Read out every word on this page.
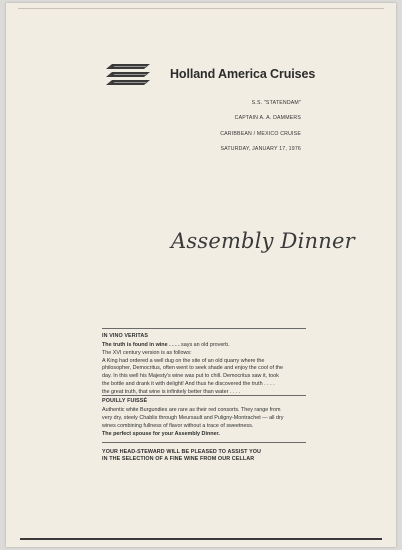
Holland America Cruises
S.S. "STATENDAM"
CAPTAIN A. A. DAMMERS
CARIBBEAN / MEXICO CRUISE
SATURDAY, JANUARY 17, 1976
Assembly Dinner
IN VINO VERITAS

The truth is found in wine . . . . says an old proverb.

The XVI century version is as follows:

A King had ordered a well dug on the site of an old quarry where the

philosopher, Democritus, often went to seek shade and enjoy the cool of the

day. In this well his Majesty's wine was put to chill. Democritus saw it, took

the bottle and drank it with delight! And thus he discovered the truth . . . .

the great truth, that wine is infinitely better than water . . . .

POUILLY FUISSÉ

Authentic white Burgundies are rare as their red consorts. They range from

very dry, steely Chablis through Meursault and Puligny-Montrachet — all dry

wines combining fullness of flavor without a trace of sweetness.

The perfect spouse for your Assembly Dinner.

YOUR HEAD-STEWARD WILL BE PLEASED TO ASSIST YOU
IN THE SELECTION OF A FINE WINE FROM OUR CELLAR
